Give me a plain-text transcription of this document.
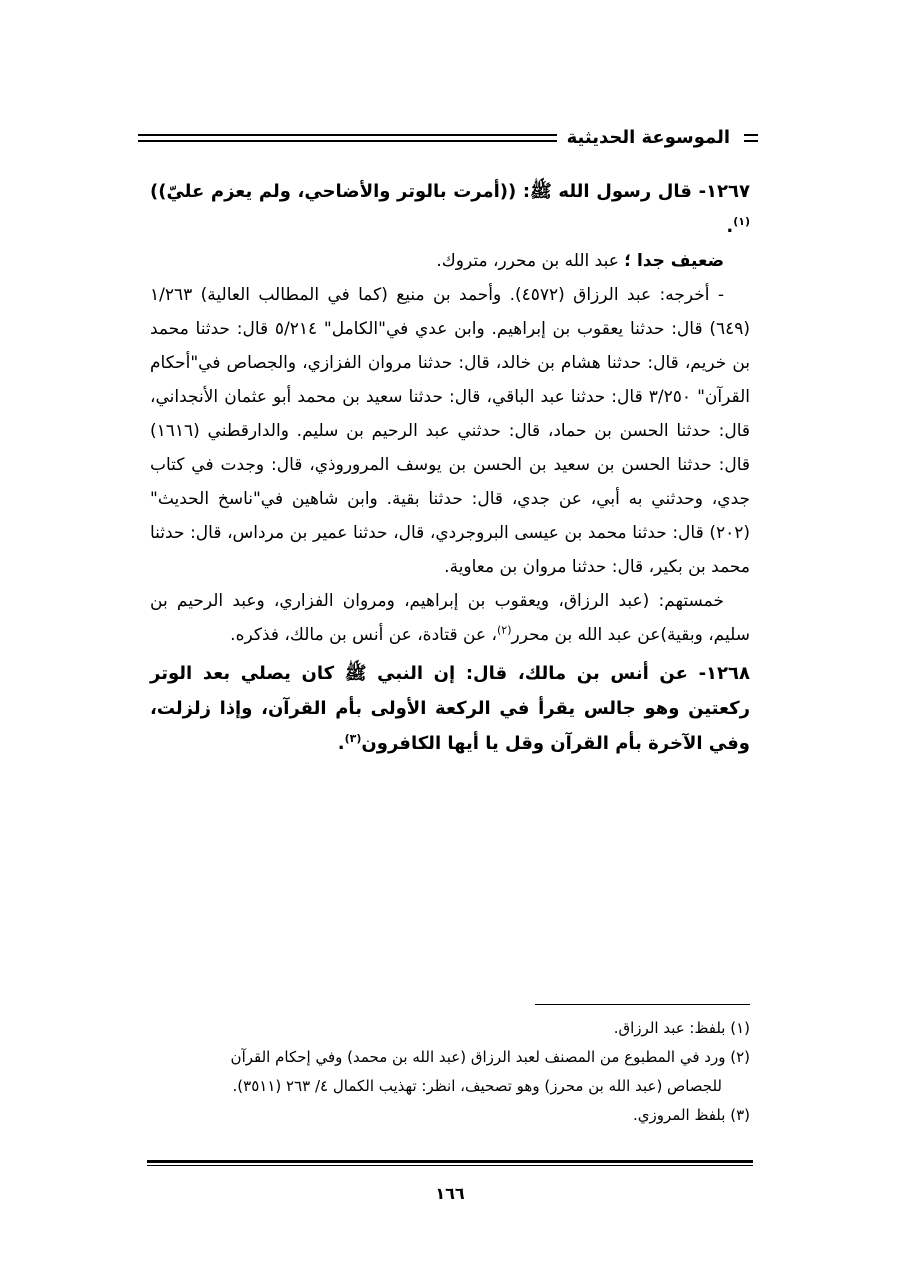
الموسوعة الحديثية

١٢٦٧- قال رسول الله ﷺ: ((أمرت بالوتر والأضاحي، ولم يعزم عليّ))$^{(١)}$.

ضعيف جدا ؛ عبد الله بن محرر، متروك.

- أخرجه: عبد الرزاق (٤٥٧٢). وأحمد بن منيع (كما في المطالب العالية) ١/٢٦٣ (٦٤٩) قال: حدثنا يعقوب بن إبراهيم. وابن عدي في"الكامل" ٥/٢١٤ قال: حدثنا محمد بن خريم، قال: حدثنا هشام بن خالد، قال: حدثنا مروان الفزازي، والجصاص في"أحكام القرآن" ٣/٢٥٠ قال: حدثنا عبد الباقي، قال: حدثنا سعيد بن محمد أبو عثمان الأنجداني، قال: حدثنا الحسن بن حماد، قال: حدثني عبد الرحيم بن سليم. والدارقطني (١٦١٦) قال: حدثنا الحسن بن سعيد بن الحسن بن يوسف المروروذي، قال: وجدت في كتاب جدي، وحدثني به أبي، عن جدي، قال: حدثنا بقية. وابن شاهين في"ناسخ الحديث" (٢٠٢) قال: حدثنا محمد بن عيسى البروجردي، قال، حدثنا عمير بن مرداس، قال: حدثنا محمد بن بكير، قال: حدثنا مروان بن معاوية.

خمستهم: (عبد الرزاق، ويعقوب بن إبراهيم، ومروان الفزاري، وعبد الرحيم بن سليم، وبقية)عن عبد الله بن محرر$^{(٢)}$، عن قتادة، عن أنس بن مالك، فذكره.

١٢٦٨- عن أنس بن مالك، قال: إن النبي ﷺ كان يصلي بعد الوتر ركعتين وهو جالس يقرأ في الركعة الأولى بأم القرآن، وإذا زلزلت، وفي الآخرة بأم القرآن وقل يا أيها الكافرون$^{(٣)}$.

(١) بلفظ: عبد الرزاق.

(٢) ورد في المطبوع من المصنف لعبد الرزاق (عبد الله بن محمد) وفي إحكام القرآن

للجصاص (عبد الله بن محرز) وهو تصحيف، انظر: تهذيب الكمال ٤/ ٢٦٣ (٣٥١١).

(٣) بلفظ المروزي.

١٦٦
